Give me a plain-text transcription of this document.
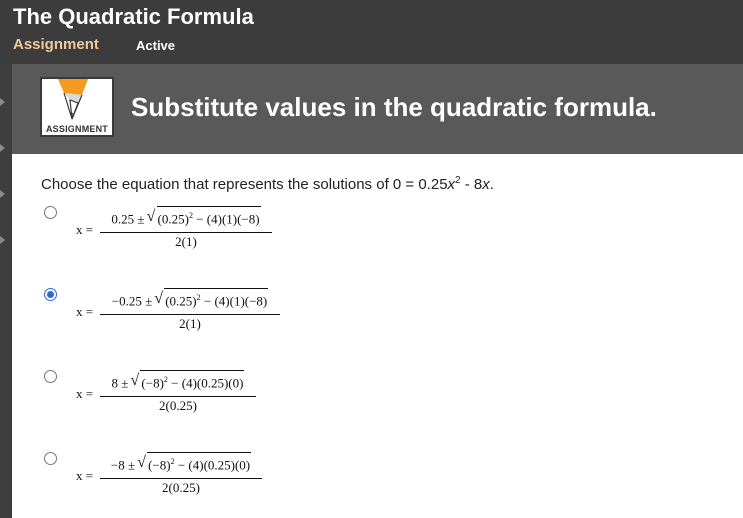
The Quadratic Formula
Assignment	Active
ASSIGNMENT
Substitute values in the quadratic formula.
Choose the equation that represents the solutions of $0 = 0.25x^2 - 8x$.
x =
0.25 ± √ $(0.25)^2 - (4)(1)(-8)$
2(1)
x =
−0.25 ± √ $(0.25)^2 - (4)(1)(-8)$
2(1)
x =
8 ± √ $(-8)^2 - (4)(0.25)(0)$
2(0.25)
x =
−8 ± √ $(-8)^2 - (4)(0.25)(0)$
2(0.25)
